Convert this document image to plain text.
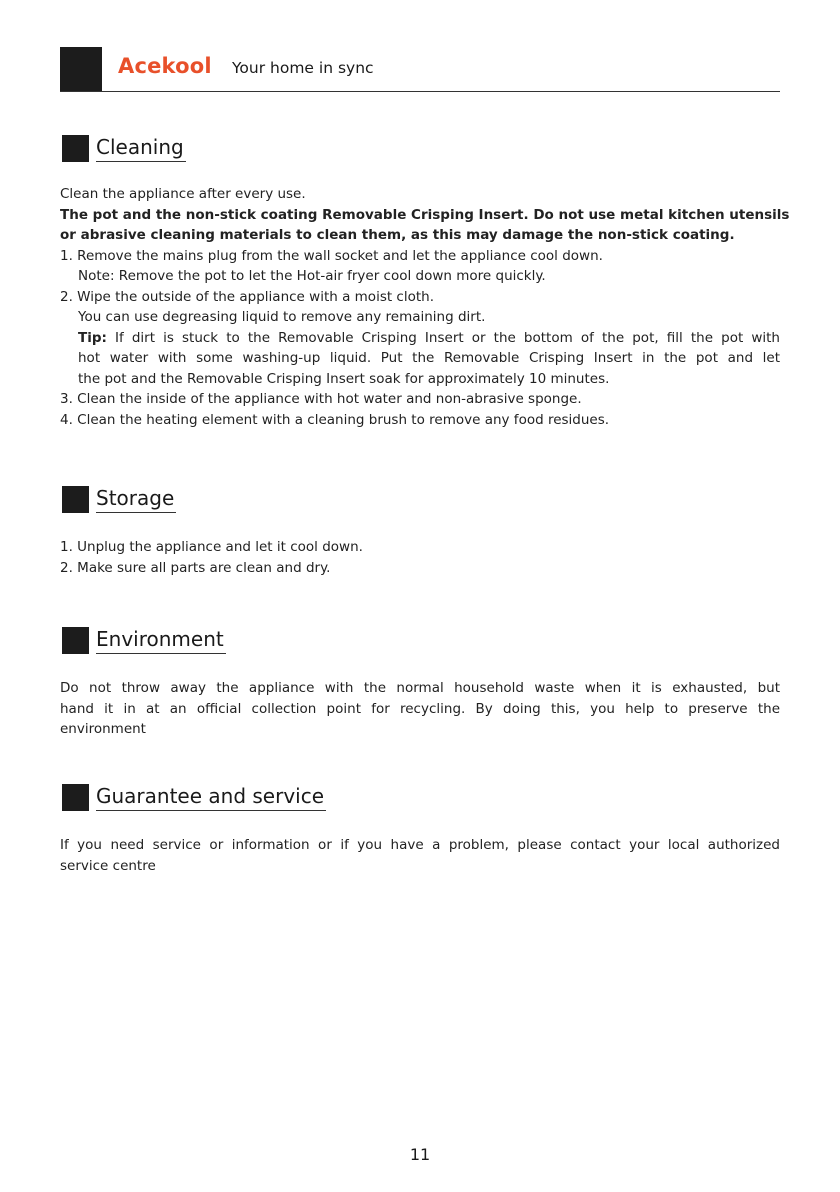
Acekool Your home in sync
Cleaning
Clean the appliance after every use.
The pot and the non-stick coating Removable Crisping Insert. Do not use metal kitchen utensils
or abrasive cleaning materials to clean them, as this may damage the non-stick coating.
1. Remove the mains plug from the wall socket and let the appliance cool down.
Note: Remove the pot to let the Hot-air fryer cool down more quickly.
2. Wipe the outside of the appliance with a moist cloth.
You can use degreasing liquid to remove any remaining dirt.
Tip: If dirt is stuck to the Removable Crisping Insert or the bottom of the pot, fill the pot with
hot water with some washing-up liquid. Put the Removable Crisping Insert in the pot and let
the pot and the Removable Crisping Insert soak for approximately 10 minutes.
3. Clean the inside of the appliance with hot water and non-abrasive sponge.
4. Clean the heating element with a cleaning brush to remove any food residues.
Storage
1. Unplug the appliance and let it cool down.
2. Make sure all parts are clean and dry.
Environment
Do not throw away the appliance with the normal household waste when it is exhausted, but
hand it in at an official collection point for recycling. By doing this, you help to preserve the
environment
Guarantee and service
If you need service or information or if you have a problem, please contact your local authorized
service centre
11
